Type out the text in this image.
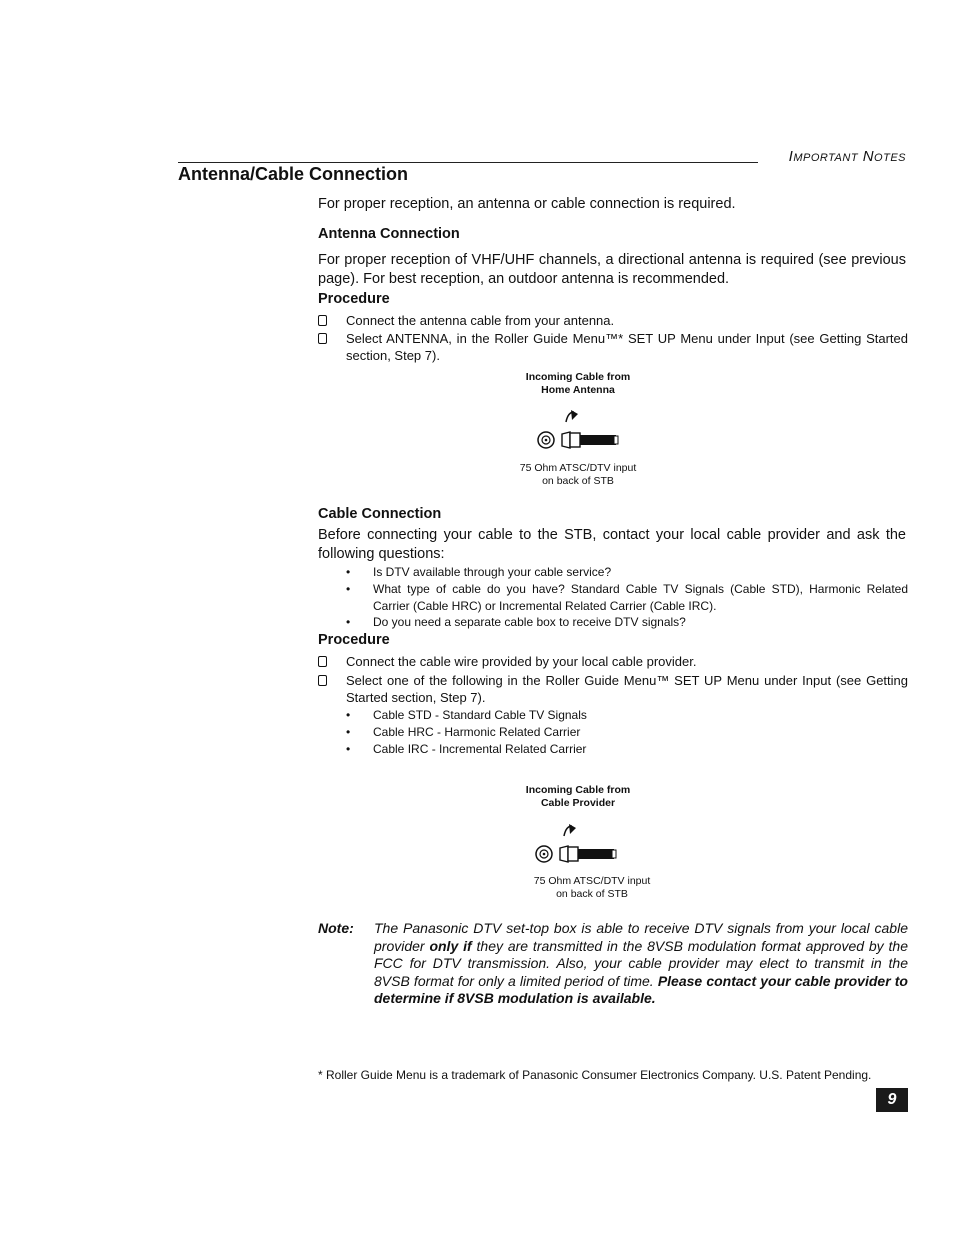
Important Notes
Antenna/Cable Connection
For proper reception, an antenna or cable connection is required.
Antenna Connection
For proper reception of VHF/UHF channels, a directional antenna is required (see previous page). For best reception, an outdoor antenna is recommended.
Procedure
Connect the antenna cable from your antenna.
Select ANTENNA, in the Roller Guide Menu™* SET UP Menu under Input (see Getting Started section, Step 7).
Incoming Cable from
Home Antenna
75 Ohm ATSC/DTV input
on back of STB
Cable Connection
Before connecting your cable to the STB, contact your local cable provider and ask the following questions:
• Is DTV available through your cable service?
• What type of cable do you have? Standard Cable TV Signals (Cable STD), Harmonic Related Carrier (Cable HRC) or Incremental Related Carrier (Cable IRC).
• Do you need a separate cable box to receive DTV signals?
Procedure
Connect the cable wire provided by your local cable provider.
Select one of the following in the Roller Guide Menu™ SET UP Menu under Input (see Getting Started section, Step 7).
• Cable STD - Standard Cable TV Signals
• Cable HRC - Harmonic Related Carrier
• Cable IRC - Incremental Related Carrier
Incoming Cable from
Cable Provider
75 Ohm ATSC/DTV input
on back of STB
Note: The Panasonic DTV set-top box is able to receive DTV signals from your local cable provider only if they are transmitted in the 8VSB modulation format approved by the FCC for DTV transmission. Also, your cable provider may elect to transmit in the 8VSB format for only a limited period of time. Please contact your cable provider to determine if 8VSB modulation is available.
* Roller Guide Menu is a trademark of Panasonic Consumer Electronics Company. U.S. Patent Pending.
9
